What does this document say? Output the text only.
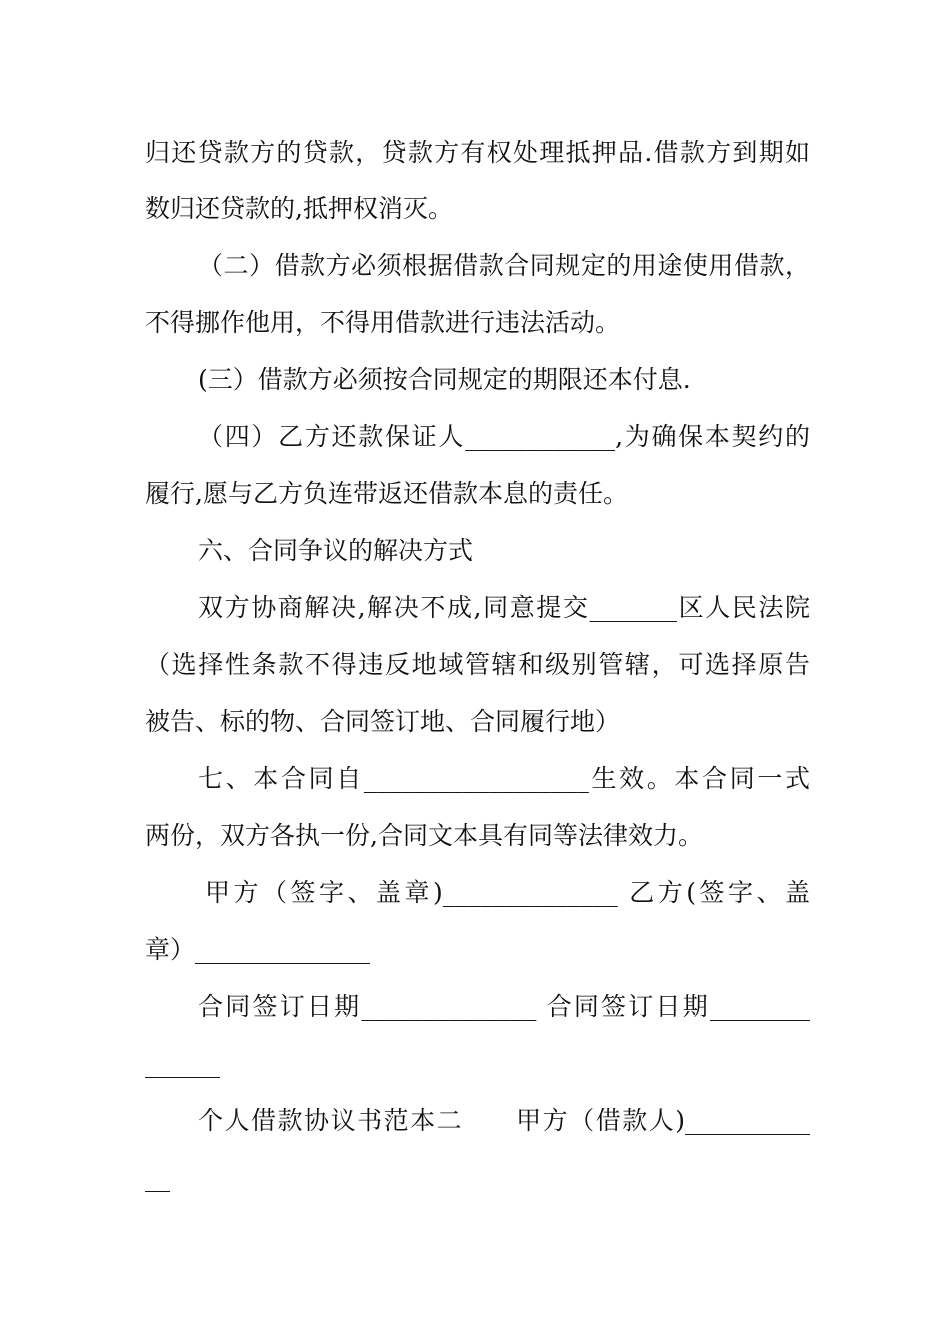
归还贷款方的贷款，贷款方有权处理抵押品.借款方到期如
数归还贷款的,抵押权消灭。
（二）借款方必须根据借款合同规定的用途使用借款，
不得挪作他用，不得用借款进行违法活动。
(三）借款方必须按合同规定的期限还本付息.
（四）乙方还款保证人____________,为确保本契约的
履行,愿与乙方负连带返还借款本息的责任。
六、合同争议的解决方式
双方协商解决,解决不成,同意提交_______区人民法院
（选择性条款不得违反地域管辖和级别管辖，可选择原告
被告、标的物、合同签订地、合同履行地）
七、本合同自__________________生效。本合同一式
两份，双方各执一份,合同文本具有同等法律效力。
甲方（签字、盖章)______________ 乙方(签字、盖
章）______________
合同签订日期______________ 合同签订日期________
______
个人借款协议书范本二　　甲方（借款人)__________
__
